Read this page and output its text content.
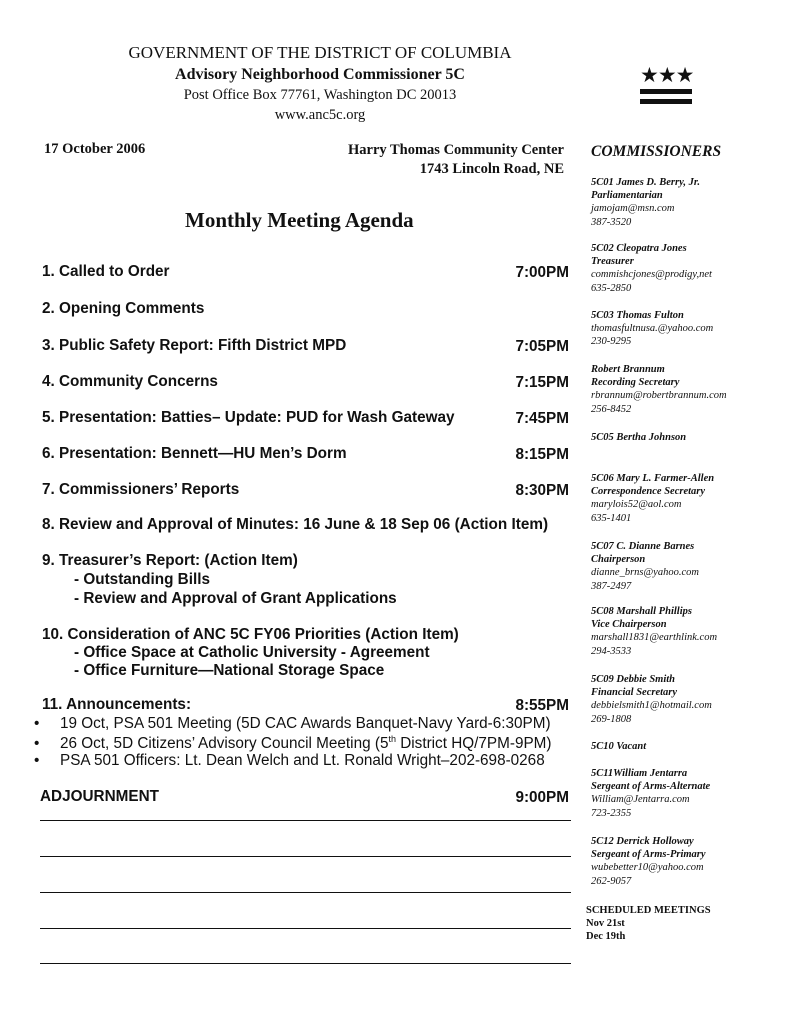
GOVERNMENT OF THE DISTRICT OF COLUMBIA
Advisory Neighborhood Commissioner 5C
Post Office Box 77761, Washington DC 20013
www.anc5c.org
★★★
17 October 2006	Harry Thomas Community Center
1743 Lincoln Road, NE
Monthly Meeting Agenda
1. Called to Order	7:00PM
2. Opening Comments
3. Public Safety Report: Fifth District MPD	7:05PM
4. Community Concerns	7:15PM
5. Presentation: Batties– Update: PUD for Wash Gateway	7:45PM
6. Presentation: Bennett—HU Men’s Dorm	8:15PM
7. Commissioners’ Reports	8:30PM
8. Review and Approval of Minutes: 16 June & 18 Sep 06 (Action Item)
9. Treasurer’s Report: (Action Item)
- Outstanding Bills
- Review and Approval of Grant Applications
10. Consideration of ANC 5C FY06 Priorities (Action Item)
- Office Space at Catholic University - Agreement
- Office Furniture—National Storage Space
11. Announcements:	8:55PM
• 19 Oct, PSA 501 Meeting (5D CAC Awards Banquet-Navy Yard-6:30PM)
• 26 Oct, 5D Citizens’ Advisory Council Meeting (5th District HQ/7PM-9PM)
• PSA 501 Officers: Lt. Dean Welch and Lt. Ronald Wright–202-698-0268
ADJOURNMENT	9:00PM
COMMISSIONERS
5C01 James D. Berry, Jr.
Parliamentarian
jamojam@msn.com
387-3520
5C02 Cleopatra Jones
Treasurer
commishcjones@prodigy,net
635-2850
5C03 Thomas Fulton
thomasfultnusa.@yahoo.com
230-9295
Robert Brannum
Recording Secretary
rbrannum@robertbrannum.com
256-8452
5C05 Bertha Johnson
5C06 Mary L. Farmer-Allen
Correspondence Secretary
marylois52@aol.com
635-1401
5C07 C. Dianne Barnes
Chairperson
dianne_brns@yahoo.com
387-2497
5C08 Marshall Phillips
Vice Chairperson
marshall1831@earthlink.com
294-3533
5C09 Debbie Smith
Financial Secretary
debbielsmith1@hotmail.com
269-1808
5C10 Vacant
5C11William Jentarra
Sergeant of Arms-Alternate
William@Jentarra.com
723-2355
5C12 Derrick Holloway
Sergeant of Arms-Primary
wubebetter10@yahoo.com
262-9057
SCHEDULED MEETINGS
Nov 21st
Dec 19th
